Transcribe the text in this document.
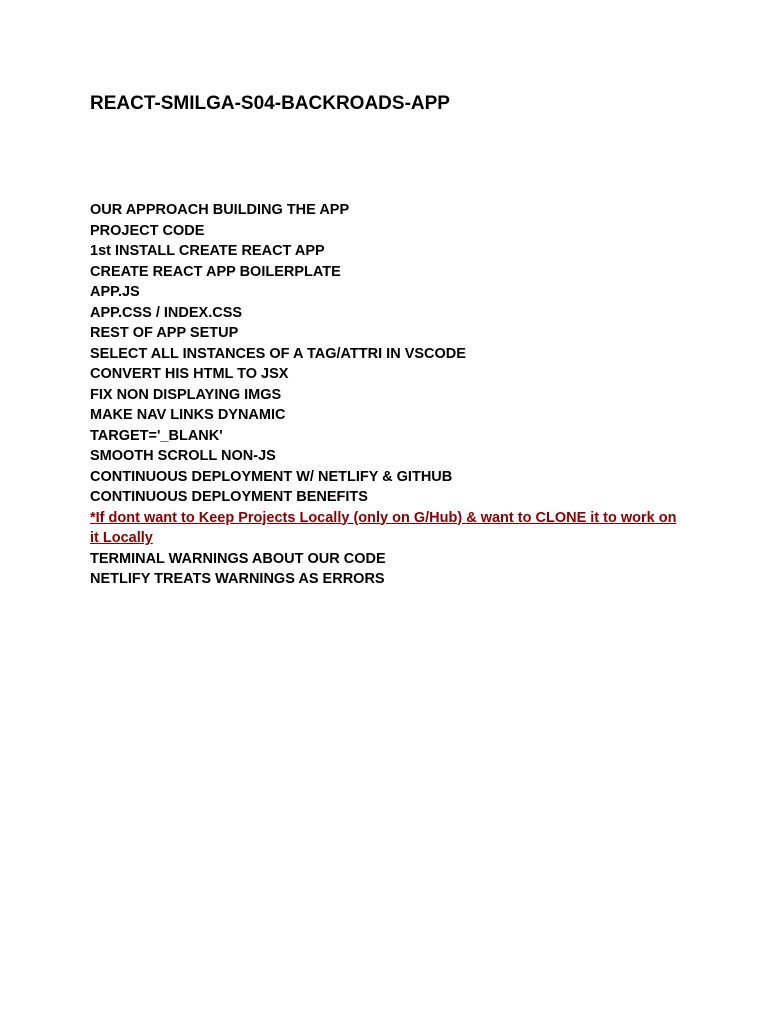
REACT-SMILGA-S04-BACKROADS-APP
OUR APPROACH BUILDING THE APP
PROJECT CODE
1st INSTALL CREATE REACT APP
CREATE REACT APP BOILERPLATE
APP.JS
APP.CSS / INDEX.CSS
REST OF APP SETUP
SELECT ALL INSTANCES OF A TAG/ATTRI IN VSCODE
CONVERT HIS HTML TO JSX
FIX NON DISPLAYING IMGS
MAKE NAV LINKS DYNAMIC
TARGET='_BLANK'
SMOOTH SCROLL NON-JS
CONTINUOUS DEPLOYMENT W/ NETLIFY & GITHUB
CONTINUOUS DEPLOYMENT BENEFITS
*If dont want to Keep Projects Locally (only on G/Hub) & want to CLONE it to work on it Locally
TERMINAL WARNINGS ABOUT OUR CODE
NETLIFY TREATS WARNINGS AS ERRORS
